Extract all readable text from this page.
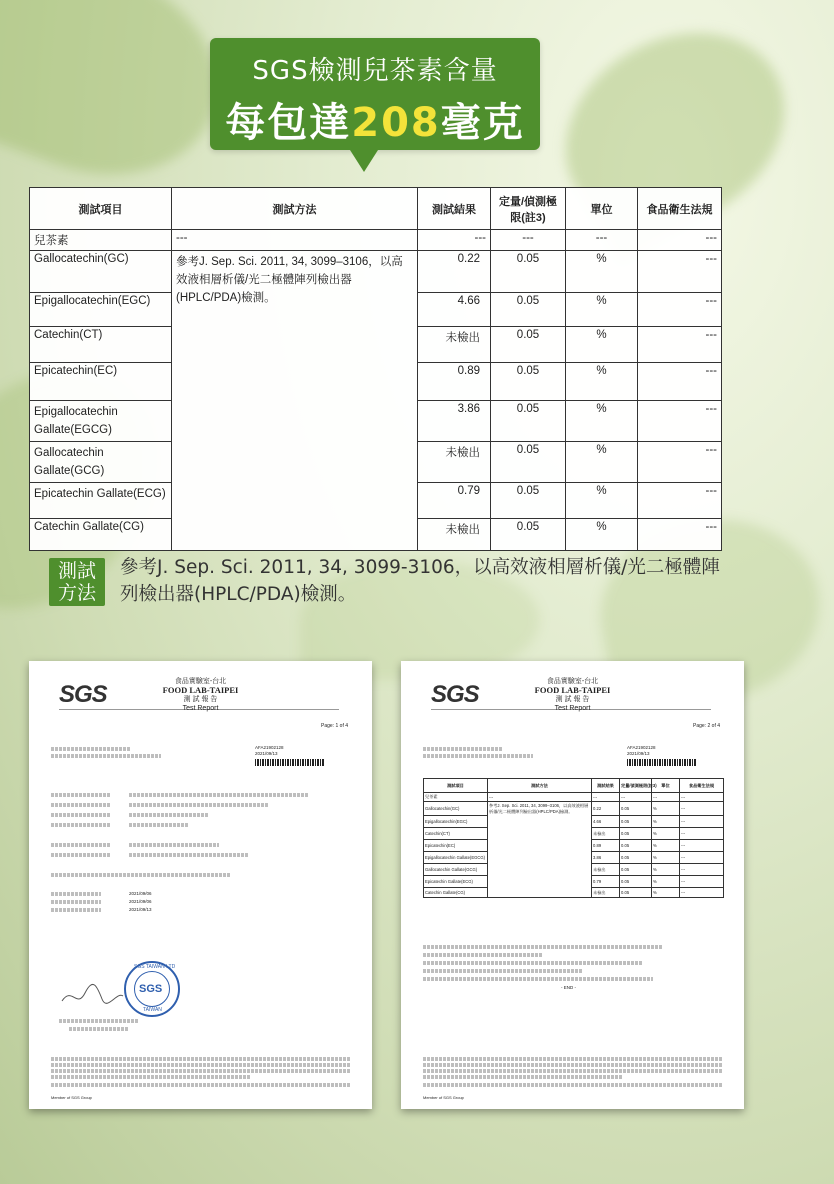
SGS檢測兒茶素含量
每包達208毫克
測試項目	測試方法	測試結果	定量/偵測極限(註3)	單位	食品衛生法規
兒茶素	---	---	---	---	---
Gallocatechin(GC)	參考J. Sep. Sci. 2011, 34, 3099–3106，以高效液相層析儀/光二極體陣列檢出器(HPLC/PDA)檢測。	0.22	0.05	%	---
Epigallocatechin(EGC)		4.66	0.05	%	---
Catechin(CT)		未檢出	0.05	%	---
Epicatechin(EC)		0.89	0.05	%	---
Epigallocatechin Gallate(EGCG)		3.86	0.05	%	---
Gallocatechin Gallate(GCG)		未檢出	0.05	%	---
Epicatechin Gallate(ECG)		0.79	0.05	%	---
Catechin Gallate(CG)		未檢出	0.05	%	---
測試
方法
參考J. Sep. Sci. 2011, 34, 3099-3106，以高效液相層析儀/光二極體陣列檢出器(HPLC/PDA)檢測。
SGS	食品實驗室-台北
FOOD LAB-TAIPEI
測 試 報 告
Test Report
Page: 1 of 4
AFA21902128
2021/09/13
2021/09/06
2021/09/06
2021/09/13
SGS TAIWAN LTD
SGS
TAIWAN
Member of SGS Group
SGS	食品實驗室-台北
FOOD LAB-TAIPEI
測 試 報 告
Test Report
Page: 2 of 4
AFA21902128
2021/09/13
測試項目	測試方法	測試結果	定量/偵測極限(註3)	單位	食品衛生法規
兒茶素	---	---	---	---	---
Gallocatechin(GC)	參考J. Sep. Sci. 2011, 34, 3099–3106，以高效液相層析儀/光二極體陣列檢出器(HPLC/PDA)檢測。	0.22	0.05	%	---
Epigallocatechin(EGC)		4.66	0.05	%	---
Catechin(CT)		未檢出	0.05	%	---
Epicatechin(EC)		0.89	0.05	%	---
Epigallocatechin Gallate(EGCG)		3.86	0.05	%	---
Gallocatechin Gallate(GCG)		未檢出	0.05	%	---
Epicatechin Gallate(ECG)		0.79	0.05	%	---
Catechin Gallate(CG)		未檢出	0.05	%	---
- END -
Member of SGS Group
